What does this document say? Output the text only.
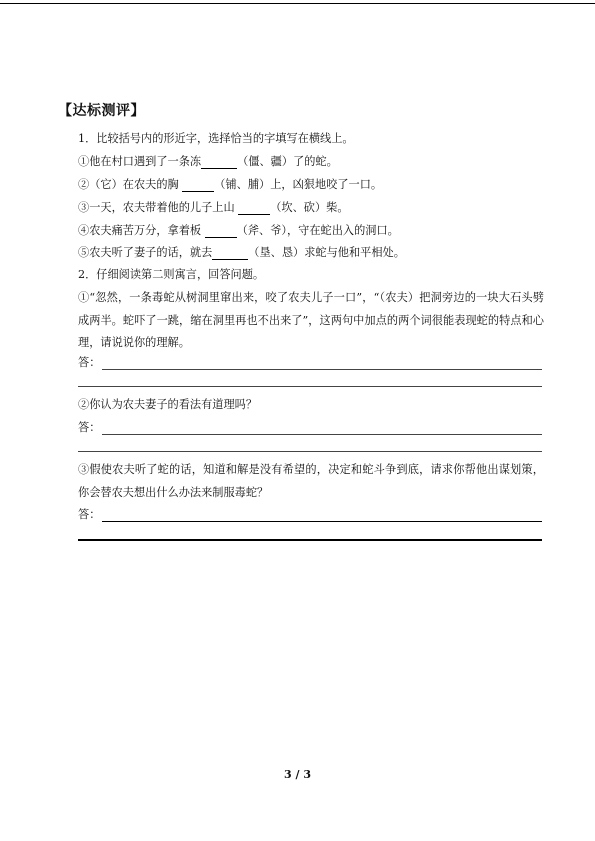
【达标测评】
1．比较括号内的形近字，选择恰当的字填写在横线上。
①他在村口遇到了一条冻	（僵、疆）了的蛇。
②（它）在农夫的胸	（铺、脯）上，凶狠地咬了一口。
③一天，农夫带着他的儿子上山	（坎、砍）柴。
④农夫痛苦万分，拿着板	（斧、爷），守在蛇出入的洞口。
⑤农夫听了妻子的话，就去	（垦、恳）求蛇与他和平相处。
2．仔细阅读第二则寓言，回答问题。
①“忽然，一条毒蛇从树洞里窜出来，咬了农夫儿子一口”，“（农夫）把洞旁边的一块大石头劈成两半。蛇吓了一跳，缩在洞里再也不出来了”，这两句中加点的两个词很能表现蛇的特点和心理，请说说你的理解。
答：
②你认为农夫妻子的看法有道理吗？
答：
③假使农夫听了蛇的话，知道和解是没有希望的，决定和蛇斗争到底，请求你帮他出谋划策，你会替农夫想出什么办法来制服毒蛇？
答：
3 / 3
